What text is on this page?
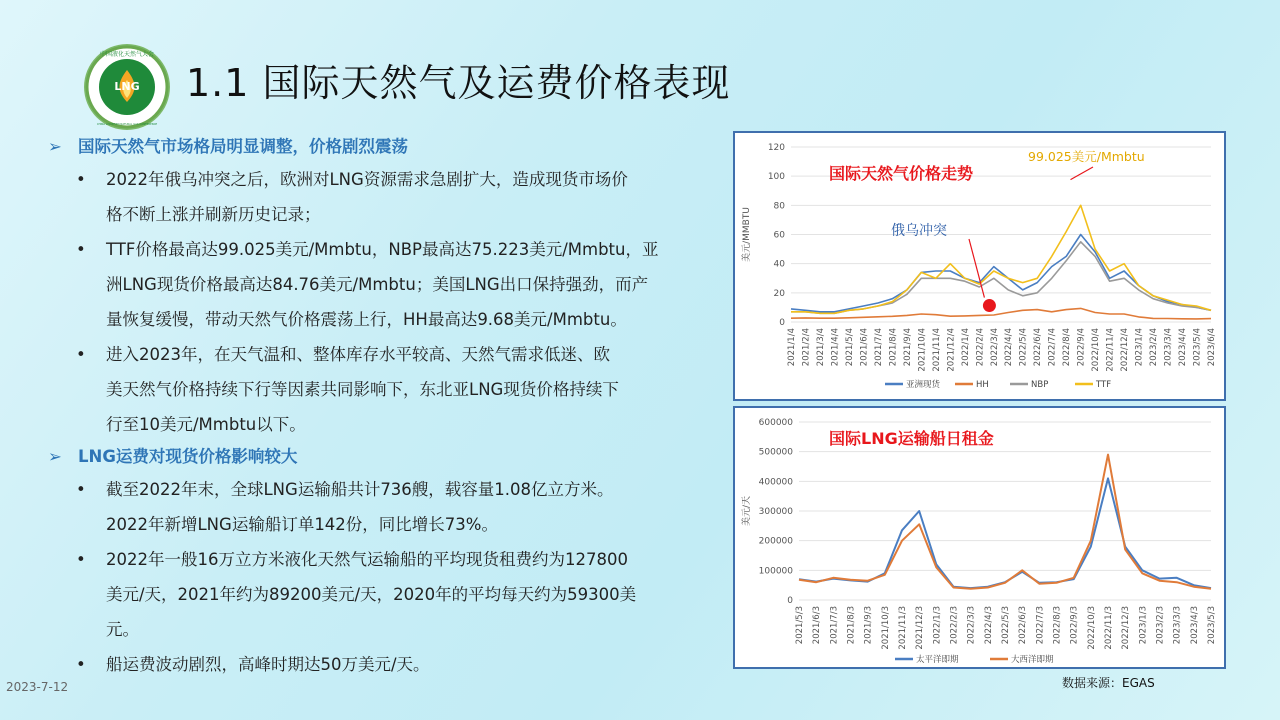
LNG
中国液化天然气大会
CHINA LIQUEFIED NATURAL GAS CONFERENCE
1.1 国际天然气及运费价格表现
➢ 国际天然气市场格局明显调整，价格剧烈震荡
• 2022年俄乌冲突之后，欧洲对LNG资源需求急剧扩大，造成现货市场价
格不断上涨并刷新历史记录；
• TTF价格最高达99.025美元/Mmbtu，NBP最高达75.223美元/Mmbtu，亚
洲LNG现货价格最高达84.76美元/Mmbtu；美国LNG出口保持强劲，而产
量恢复缓慢，带动天然气价格震荡上行，HH最高达9.68美元/Mmbtu。
• 进入2023年，在天气温和、整体库存水平较高、天然气需求低迷、欧
美天然气价格持续下行等因素共同影响下，东北亚LNG现货价格持续下
行至10美元/Mmbtu以下。
➢ LNG运费对现货价格影响较大
• 截至2022年末，全球LNG运输船共计736艘，载容量1.08亿立方米。
2022年新增LNG运输船订单142份，同比增长73%。
• 2022年一般16万立方米液化天然气运输船的平均现货租费约为127800
美元/天，2021年约为89200美元/天，2020年的平均每天约为59300美
元。
• 船运费波动剧烈，高峰时期达50万美元/天。
0
20
40
60
80
100
120
2021/1/4 2021/2/4 2021/3/4 2021/4/4 2021/5/4 2021/6/4 2021/7/4 2021/8/4 2021/9/4 2021/10/4 2021/11/4 2021/12/4 2022/1/4 2022/2/4 2022/3/4 2022/4/4 2022/5/4 2022/6/4 2022/7/4 2022/8/4 2022/9/4 2022/10/4 2022/11/4 2022/12/4 2023/1/4 2023/2/4 2023/3/4 2023/4/4 2023/5/4 2023/6/4
美元/MMBTU
国际天然气价格走势
亚洲现货	HH	NBP	TTF
俄乌冲突
99.025美元/Mmbtu
0
100000
200000
300000
400000
500000
600000
2021/5/3 2021/6/3 2021/7/3 2021/8/3 2021/9/3 2021/10/3 2021/11/3 2021/12/3 2022/1/3 2022/2/3 2022/3/3 2022/4/3 2022/5/3 2022/6/3 2022/7/3 2022/8/3 2022/9/3 2022/10/3 2022/11/3 2022/12/3 2023/1/3 2023/2/3 2023/3/3 2023/4/3 2023/5/3
美元/天
国际LNG运输船日租金
太平洋即期	大西洋即期
2023-7-12	数据来源：EGAS
